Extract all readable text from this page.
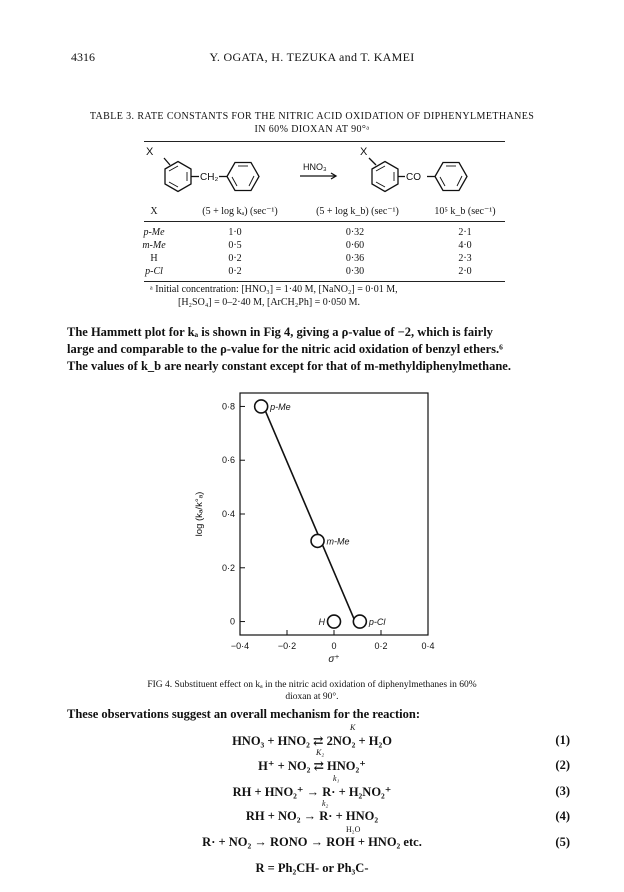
4316	Y. OGATA, H. TEZUKA and T. KAMEI
TABLE 3. RATE CONSTANTS FOR THE NITRIC ACID OXIDATION OF DIPHENYLMETHANES
IN 60% DIOXAN AT 90°ᵃ
X
CH₂
HNO₃
X
CO
X	(5 + log kₐ) (sec⁻¹)	(5 + log k_b) (sec⁻¹)	10⁵ k_b (sec⁻¹)
p-Me	1·0	0·32	2·1
m-Me	0·5	0·60	4·0
H	0·2	0·36	2·3
p-Cl	0·2	0·30	2·0
ᵃ Initial concentration: [HNO₃] = 1·40 M, [NaNO₂] = 0·01 M,
[H₂SO₄] = 0–2·40 M, [ArCH₂Ph] = 0·050 M.
The Hammett plot for kₐ is shown in Fig 4, giving a ρ-value of −2, which is fairly
large and comparable to the ρ-value for the nitric acid oxidation of benzyl ethers.⁶
The values of k_b are nearly constant except for that of m-methyldiphenylmethane.
−0·4	−0·2	0	0·2	0·4
0
0·2
0·4
0·6
0·8	p-Me
m-Me
H	p-Cl
σ⁺
log (kₐ/k°ₐ)
FIG 4. Substituent effect on kₐ in the nitric acid oxidation of diphenylmethanes in 60%
dioxan at 90°.
These observations suggest an overall mechanism for the reaction:
HNO₃ + HNO₂ ⇄ 2NO₂ + H₂O	(1)
K
H⁺ + NO₂ ⇄ HNO₂⁺	(2)
K₂
RH + HNO₂⁺ → R· + H₂NO₂⁺	(3)
k₁
RH + NO₂ → R· + HNO₂	(4)
k₂
R· + NO₂ → RONO → ROH + HNO₂ etc.	(5)
H₂O
R = Ph₂CH- or Ph₃C-
